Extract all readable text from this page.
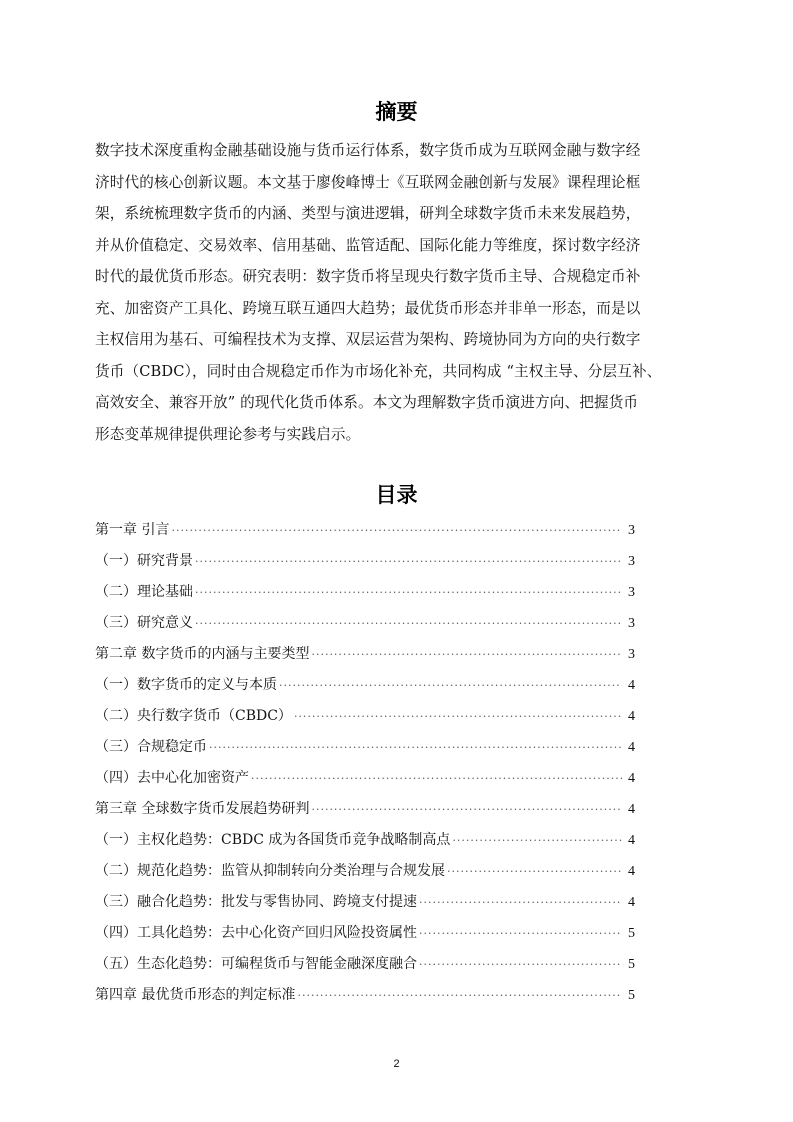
摘要
数字技术深度重构金融基础设施与货币运行体系，数字货币成为互联网金融与数字经
济时代的核心创新议题。本文基于廖俊峰博士《互联网金融创新与发展》课程理论框
架，系统梳理数字货币的内涵、类型与演进逻辑，研判全球数字货币未来发展趋势，
并从价值稳定、交易效率、信用基础、监管适配、国际化能力等维度，探讨数字经济
时代的最优货币形态。研究表明：数字货币将呈现央行数字货币主导、合规稳定币补
充、加密资产工具化、跨境互联互通四大趋势；最优货币形态并非单一形态，而是以
主权信用为基石、可编程技术为支撑、双层运营为架构、跨境协同为方向的央行数字
货币（CBDC），同时由合规稳定币作为市场化补充，共同构成 “主权主导、分层互补、
高效安全、兼容开放” 的现代化货币体系。本文为理解数字货币演进方向、把握货币
形态变革规律提供理论参考与实践启示。
目录
第一章 引言 ·····	3
（一）研究背景 ·····	3
（二）理论基础 ·····	3
（三）研究意义 ·····	3
第二章 数字货币的内涵与主要类型 ·····	3
（一）数字货币的定义与本质 ·····	4
（二）央行数字货币（CBDC） ·····	4
（三）合规稳定币 ·····	4
（四）去中心化加密资产 ·····	4
第三章 全球数字货币发展趋势研判 ·····	4
（一）主权化趋势：CBDC 成为各国货币竞争战略制高点 ·····	4
（二）规范化趋势：监管从抑制转向分类治理与合规发展 ·····	4
（三）融合化趋势：批发与零售协同、跨境支付提速 ·····	4
（四）工具化趋势：去中心化资产回归风险投资属性 ·····	5
（五）生态化趋势：可编程货币与智能金融深度融合 ·····	5
第四章 最优货币形态的判定标准 ·····	5
2
